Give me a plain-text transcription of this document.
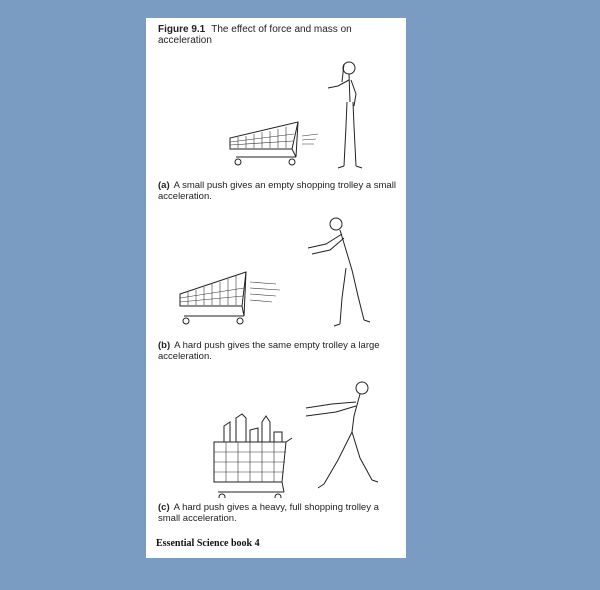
Figure 9.1 The effect of force and mass on acceleration
(a) A small push gives an empty shopping trolley a small acceleration.
(b) A hard push gives the same empty trolley a large acceleration.
(c) A hard push gives a heavy, full shopping trolley a small acceleration.
Essential Science book 4
